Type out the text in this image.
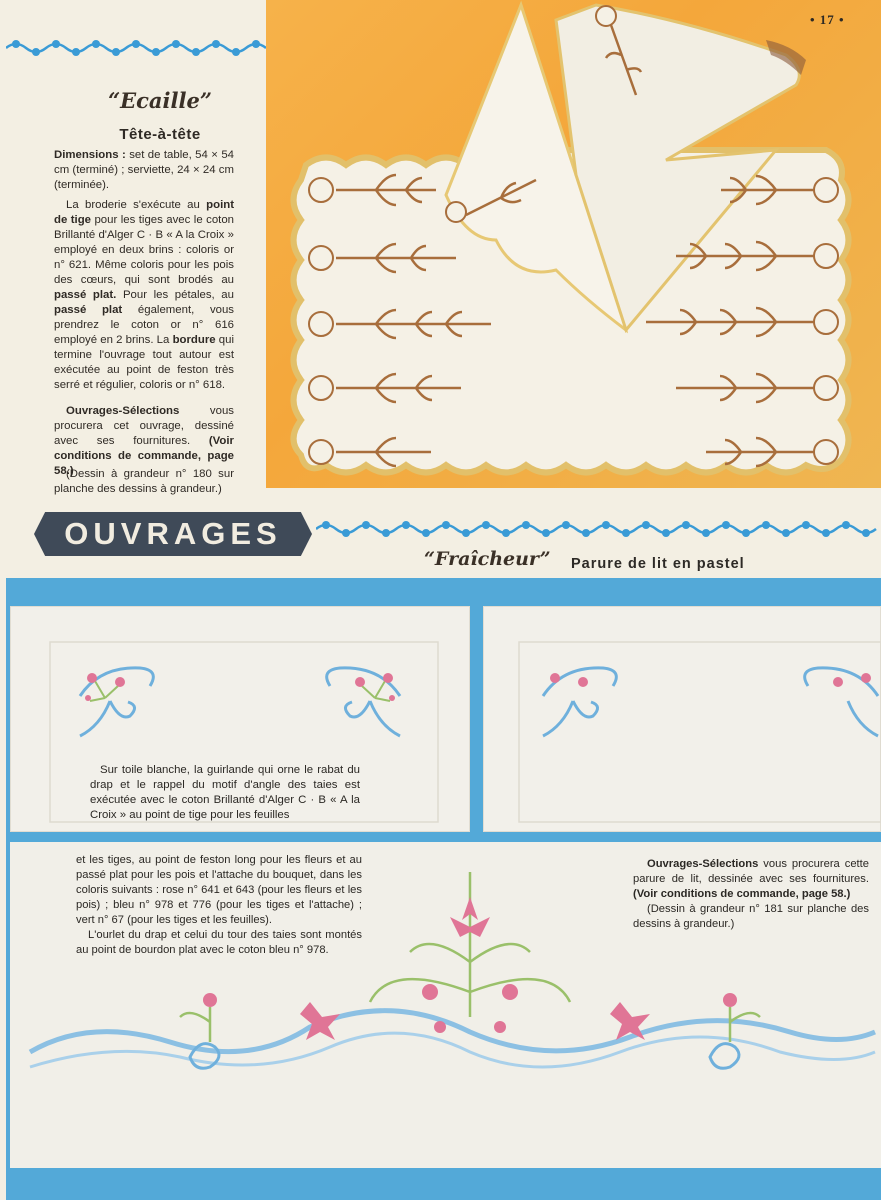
• 17 •
“Ecaille”
Tête-à-tête
Dimensions : set de table, 54 × 54 cm (terminé) ; serviette, 24 × 24 cm (terminée).
La broderie s'exécute au point de tige pour les tiges avec le coton Brillanté d'Alger C · B « A la Croix » employé en deux brins : coloris or n° 621. Même coloris pour les pois des cœurs, qui sont brodés au passé plat. Pour les pétales, au passé plat également, vous prendrez le coton or n° 616 employé en 2 brins. La bordure qui termine l'ouvrage tout autour est exécutée au point de feston très serré et régulier, coloris or n° 618.
Ouvrages-Sélections vous procurera cet ouvrage, dessiné avec ses fournitures. (Voir conditions de commande, page 58.)
(Dessin à grandeur n° 180 sur planche des dessins à grandeur.)
OUVRAGES
“Fraîcheur” Parure de lit en pastel
Sur toile blanche, la guirlande qui orne le rabat du drap et le rappel du motif d'angle des taies est exécutée avec le coton Brillanté d'Alger C · B « A la Croix » au point de tige pour les feuilles

et les tiges, au point de feston long pour les fleurs et au passé plat pour les pois et l'attache du bouquet, dans les coloris suivants : rose n° 641 et 643 (pour les fleurs et les pois) ; bleu n° 978 et 776 (pour les tiges et l'attache) ; vert n° 67 (pour les tiges et les feuilles).

L'ourlet du drap et celui du tour des taies sont montés au point de bourdon plat avec le coton bleu n° 978.

Ouvrages-Sélections vous procurera cette parure de lit, dessinée avec ses fournitures. (Voir conditions de commande, page 58.)

(Dessin à grandeur n° 181 sur planche des dessins à grandeur.)
